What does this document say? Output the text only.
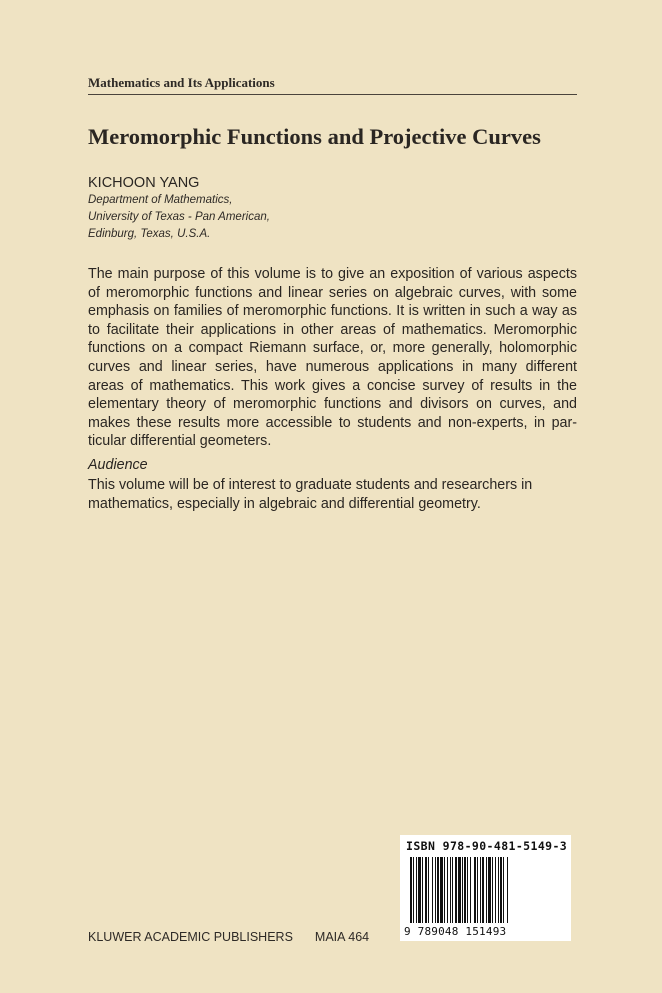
Mathematics and Its Applications
Meromorphic Functions and Projective Curves
KICHOON YANG
Department of Mathematics,
University of Texas - Pan American,
Edinburg, Texas, U.S.A.
The main purpose of this volume is to give an exposition of various aspects
of meromorphic functions and linear series on algebraic curves, with some
emphasis on families of meromorphic functions. It is written in such a way as
to facilitate their applications in other areas of mathematics. Meromorphic
functions on a compact Riemann surface, or, more generally, holomorphic
curves and linear series, have numerous applications in many different
areas of mathematics. This work gives a concise survey of results in the
elementary theory of meromorphic functions and divisors on curves, and
makes these results more accessible to students and non-experts, in par-
ticular differential geometers.
Audience
This volume will be of interest to graduate students and researchers in
mathematics, especially in algebraic and differential geometry.
KLUWER ACADEMIC PUBLISHERS MAIA 464
ISBN 978-90-481-5149-3
9 789048 151493
